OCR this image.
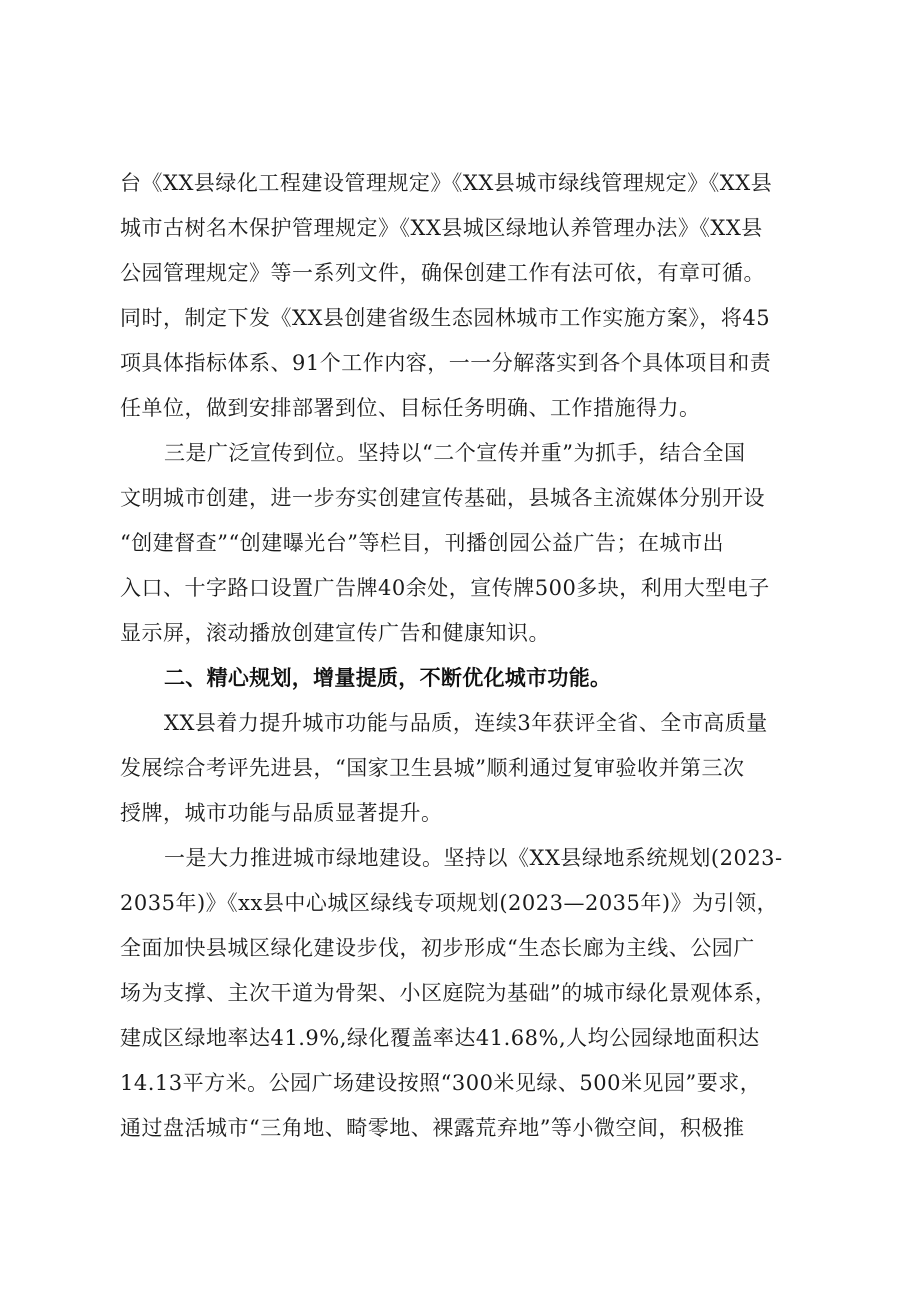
台《XX县绿化工程建设管理规定》《XX县城市绿线管理规定》《XX县
城市古树名木保护管理规定》《XX县城区绿地认养管理办法》《XX县
公园管理规定》等一系列文件，确保创建工作有法可依，有章可循。
同时，制定下发《XX县创建省级生态园林城市工作实施方案》，将45
项具体指标体系、91个工作内容，一一分解落实到各个具体项目和责
任单位，做到安排部署到位、目标任务明确、工作措施得力。
三是广泛宣传到位。坚持以“二个宣传并重”为抓手，结合全国
文明城市创建，进一步夯实创建宣传基础，县城各主流媒体分别开设
“创建督查”“创建曝光台”等栏目，刊播创园公益广告；在城市出
入口、十字路口设置广告牌40余处，宣传牌500多块，利用大型电子
显示屏，滚动播放创建宣传广告和健康知识。
二、精心规划，增量提质，不断优化城市功能。
XX县着力提升城市功能与品质，连续3年获评全省、全市高质量
发展综合考评先进县，“国家卫生县城”顺利通过复审验收并第三次
授牌，城市功能与品质显著提升。
一是大力推进城市绿地建设。坚持以《XX县绿地系统规划(2023-
2035年)》《xx县中心城区绿线专项规划(2023—2035年)》为引领，
全面加快县城区绿化建设步伐，初步形成“生态长廊为主线、公园广
场为支撑、主次干道为骨架、小区庭院为基础”的城市绿化景观体系，
建成区绿地率达41.9%,绿化覆盖率达41.68%,人均公园绿地面积达
14.13平方米。公园广场建设按照“300米见绿、500米见园”要求，
通过盘活城市“三角地、畸零地、裸露荒弃地”等小微空间，积极推
